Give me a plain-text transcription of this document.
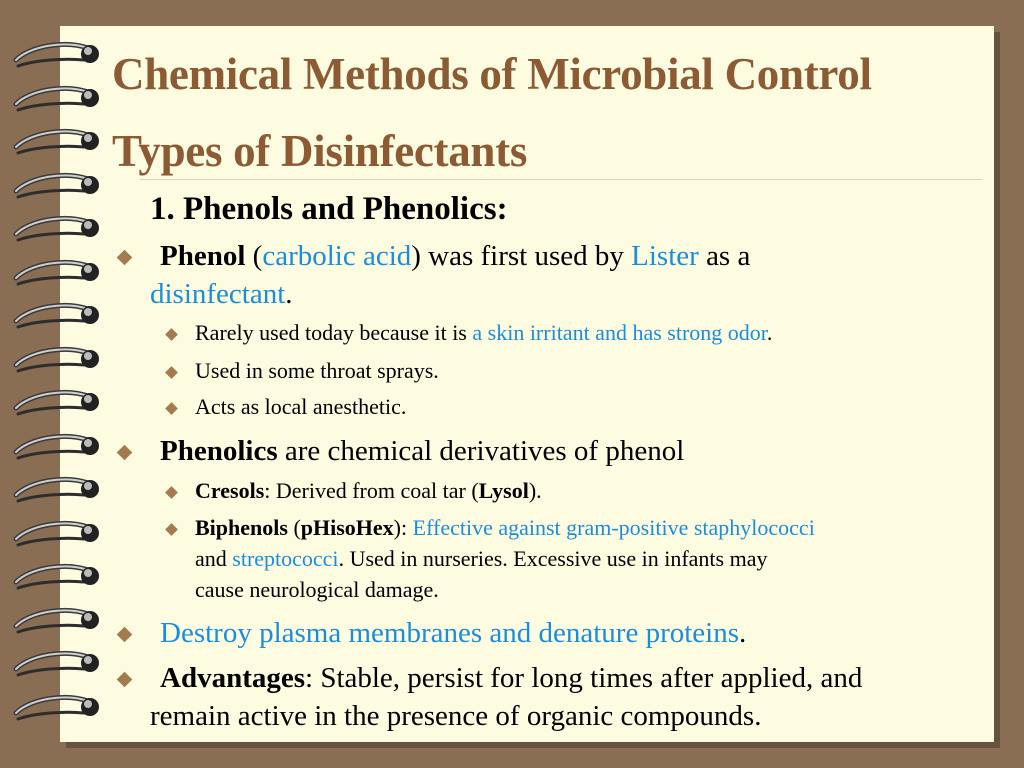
Chemical Methods of Microbial Control
Types of Disinfectants
1. Phenols and Phenolics:
Phenol (carbolic acid) was first used by Lister as a
disinfectant.
Rarely used today because it is a skin irritant and has strong odor.
Used in some throat sprays.
Acts as local anesthetic.
Phenolics are chemical derivatives of phenol
Cresols: Derived from coal tar (Lysol).
Biphenols (pHisoHex): Effective against gram-positive staphylococci
and streptococci. Used in nurseries. Excessive use in infants may
cause neurological damage.
Destroy plasma membranes and denature proteins.
Advantages: Stable, persist for long times after applied, and
remain active in the presence of organic compounds.
